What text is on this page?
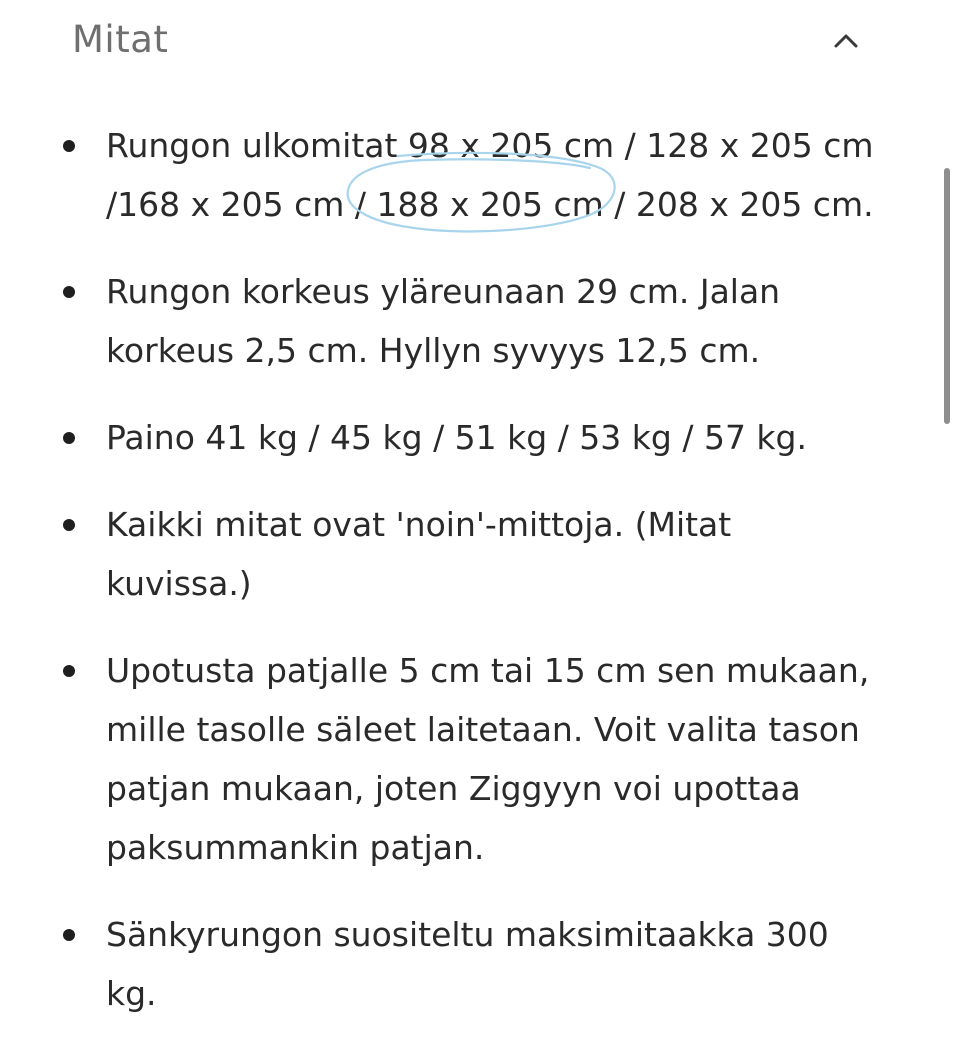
Mitat
Rungon ulkomitat 98 x 205 cm / 128 x 205 cm /168 x 205 cm / 188 x 205 cm / 208 x 205 cm.
Rungon korkeus yläreunaan 29 cm. Jalan korkeus 2,5 cm. Hyllyn syvyys 12,5 cm.
Paino 41 kg / 45 kg / 51 kg / 53 kg / 57 kg.
Kaikki mitat ovat 'noin'-mittoja. (Mitat kuvissa.)
Upotusta patjalle 5 cm tai 15 cm sen mukaan, mille tasolle säleet laitetaan. Voit valita tason patjan mukaan, joten Ziggyyn voi upottaa paksummankin patjan.
Sänkyrungon suositeltu maksimitaakka 300 kg.
